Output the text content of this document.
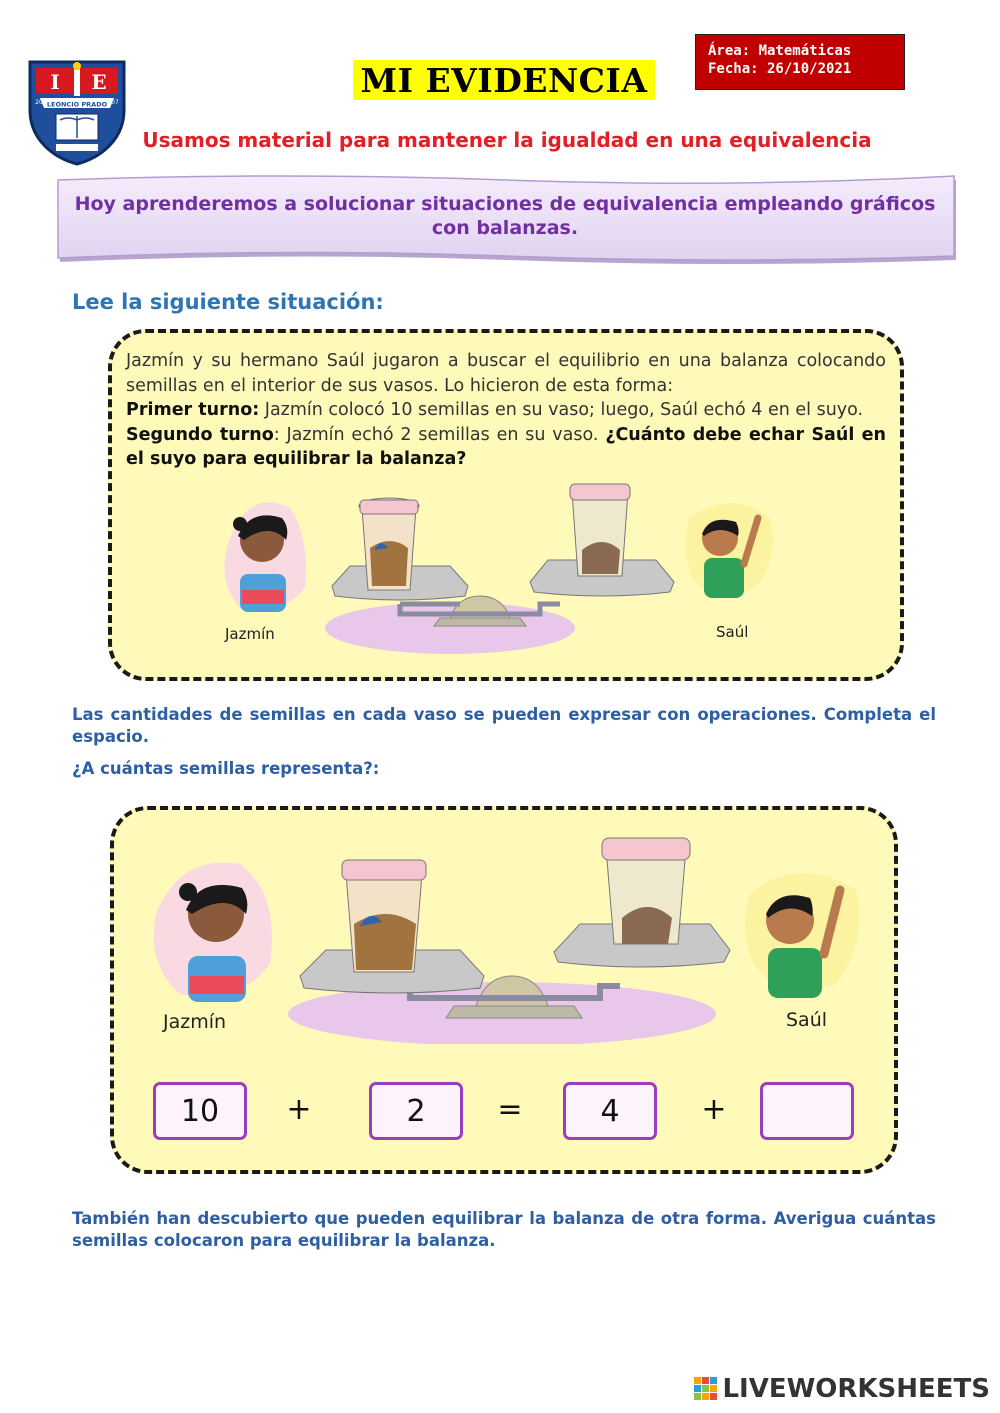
I E
LEONCIO PRADO
20	07
MI EVIDENCIA
Área: Matemáticas
Fecha: 26/10/2021
Usamos material para mantener la igualdad en una equivalencia
Hoy aprenderemos a solucionar situaciones de equivalencia empleando gráficos con balanzas.
Lee la siguiente situación:
Jazmín y su hermano Saúl jugaron a buscar el equilibrio en una balanza colocando semillas en el interior de sus vasos. Lo hicieron de esta forma:
Primer turno: Jazmín colocó 10 semillas en su vaso; luego, Saúl echó 4 en el suyo.
Segundo turno: Jazmín echó 2 semillas en su vaso. ¿Cuánto debe echar Saúl en el suyo para equilibrar la balanza?
Jazmín	Saúl
Las cantidades de semillas en cada vaso se pueden expresar con operaciones. Completa el espacio.
¿A cuántas semillas representa?:
Jazmín	Saúl
10	+	2	=	4	+
También han descubierto que pueden equilibrar la balanza de otra forma. Averigua cuántas semillas colocaron para equilibrar la balanza.
LIVEWORKSHEETS
